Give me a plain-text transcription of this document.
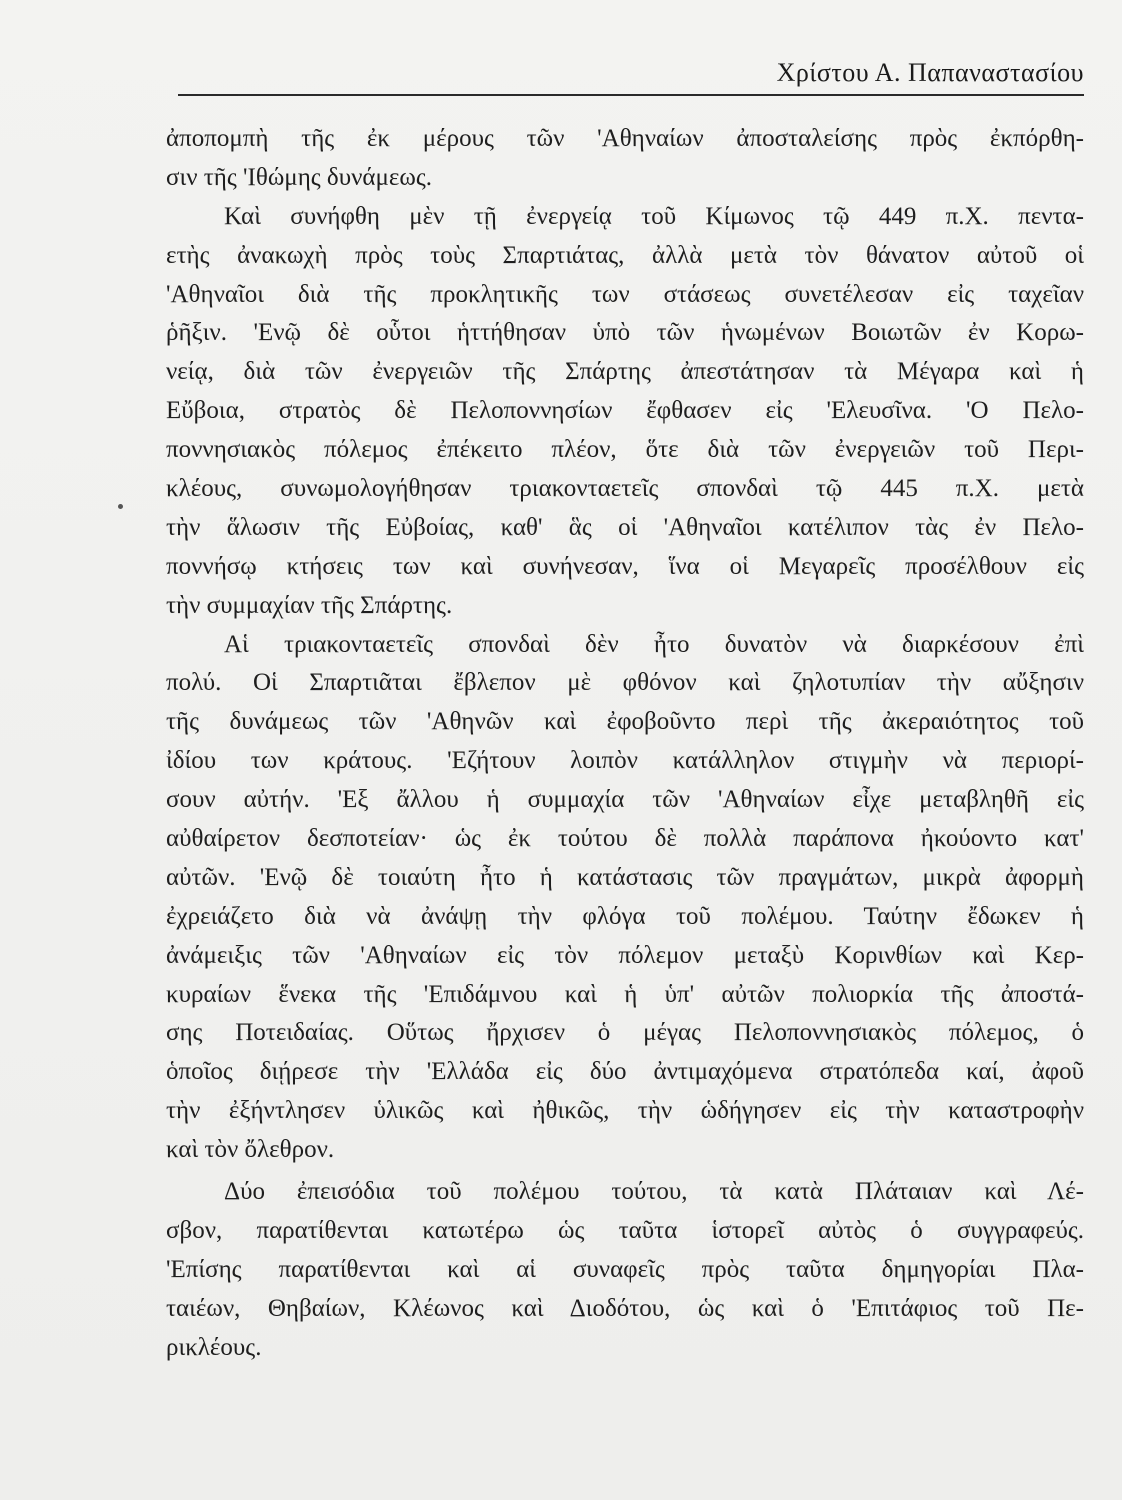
Χρίστου Α. Παπαναστασίου
ἀποπομπὴ τῆς ἐκ μέρους τῶν 'Αθηναίων ἀποσταλείσης πρὸς ἐκπόρθη-
σιν τῆς 'Ιθώμης δυνάμεως.
Καὶ συνήφθη μὲν τῇ ἐνεργείᾳ τοῦ Κίμωνος τῷ 449 π.Χ. πεντα-
ετὴς ἀνακωχὴ πρὸς τοὺς Σπαρτιάτας, ἀλλὰ μετὰ τὸν θάνατον αὐτοῦ οἱ
'Αθηναῖοι διὰ τῆς προκλητικῆς των στάσεως συνετέλεσαν εἰς ταχεῖαν
ῥῆξιν. 'Ενῷ δὲ οὗτοι ἡττήθησαν ὑπὸ τῶν ἡνωμένων Βοιωτῶν ἐν Κορω-
νείᾳ, διὰ τῶν ἐνεργειῶν τῆς Σπάρτης ἀπεστάτησαν τὰ Μέγαρα καὶ ἡ
Εὔβοια, στρατὸς δὲ Πελοποννησίων ἔφθασεν εἰς 'Ελευσῖνα. 'Ο Πελο-
ποννησιακὸς πόλεμος ἐπέκειτο πλέον, ὅτε διὰ τῶν ἐνεργειῶν τοῦ Περι-
κλέους, συνωμολογήθησαν τριακονταετεῖς σπονδαὶ τῷ 445 π.Χ. μετὰ
τὴν ἅλωσιν τῆς Εὐβοίας, καθ' ἃς οἱ 'Αθηναῖοι κατέλιπον τὰς ἐν Πελο-
ποννήσῳ κτήσεις των καὶ συνήνεσαν, ἵνα οἱ Μεγαρεῖς προσέλθουν εἰς
τὴν συμμαχίαν τῆς Σπάρτης.
Αἱ τριακονταετεῖς σπονδαὶ δὲν ἦτο δυνατὸν νὰ διαρκέσουν ἐπὶ
πολύ. Οἱ Σπαρτιᾶται ἔβλεπον μὲ φθόνον καὶ ζηλοτυπίαν τὴν αὔξησιν
τῆς δυνάμεως τῶν 'Αθηνῶν καὶ ἐφοβοῦντο περὶ τῆς ἀκεραιότητος τοῦ
ἰδίου των κράτους. 'Εζήτουν λοιπὸν κατάλληλον στιγμὴν νὰ περιορί-
σουν αὐτήν. 'Εξ ἄλλου ἡ συμμαχία τῶν 'Αθηναίων εἶχε μεταβληθῆ εἰς
αὐθαίρετον δεσποτείαν· ὡς ἐκ τούτου δὲ πολλὰ παράπονα ἠκούοντο κατ'
αὐτῶν. 'Ενῷ δὲ τοιαύτη ἦτο ἡ κατάστασις τῶν πραγμάτων, μικρὰ ἀφορμὴ
ἐχρειάζετο διὰ νὰ ἀνάψῃ τὴν φλόγα τοῦ πολέμου. Ταύτην ἔδωκεν ἡ
ἀνάμειξις τῶν 'Αθηναίων εἰς τὸν πόλεμον μεταξὺ Κορινθίων καὶ Κερ-
κυραίων ἕνεκα τῆς 'Επιδάμνου καὶ ἡ ὑπ' αὐτῶν πολιορκία τῆς ἀποστά-
σης Ποτειδαίας. Οὕτως ἤρχισεν ὁ μέγας Πελοποννησιακὸς πόλεμος, ὁ
ὁποῖος διῄρεσε τὴν 'Ελλάδα εἰς δύο ἀντιμαχόμενα στρατόπεδα καί, ἀφοῦ
τὴν ἐξήντλησεν ὑλικῶς καὶ ἠθικῶς, τὴν ὡδήγησεν εἰς τὴν καταστροφὴν
καὶ τὸν ὄλεθρον.
Δύο ἐπεισόδια τοῦ πολέμου τούτου, τὰ κατὰ Πλάταιαν καὶ Λέ-
σβον, παρατίθενται κατωτέρω ὡς ταῦτα ἱστορεῖ αὐτὸς ὁ συγγραφεύς.
'Επίσης παρατίθενται καὶ αἱ συναφεῖς πρὸς ταῦτα δημηγορίαι Πλα-
ταιέων, Θηβαίων, Κλέωνος καὶ Διοδότου, ὡς καὶ ὁ 'Επιτάφιος τοῦ Πε-
ρικλέους.
